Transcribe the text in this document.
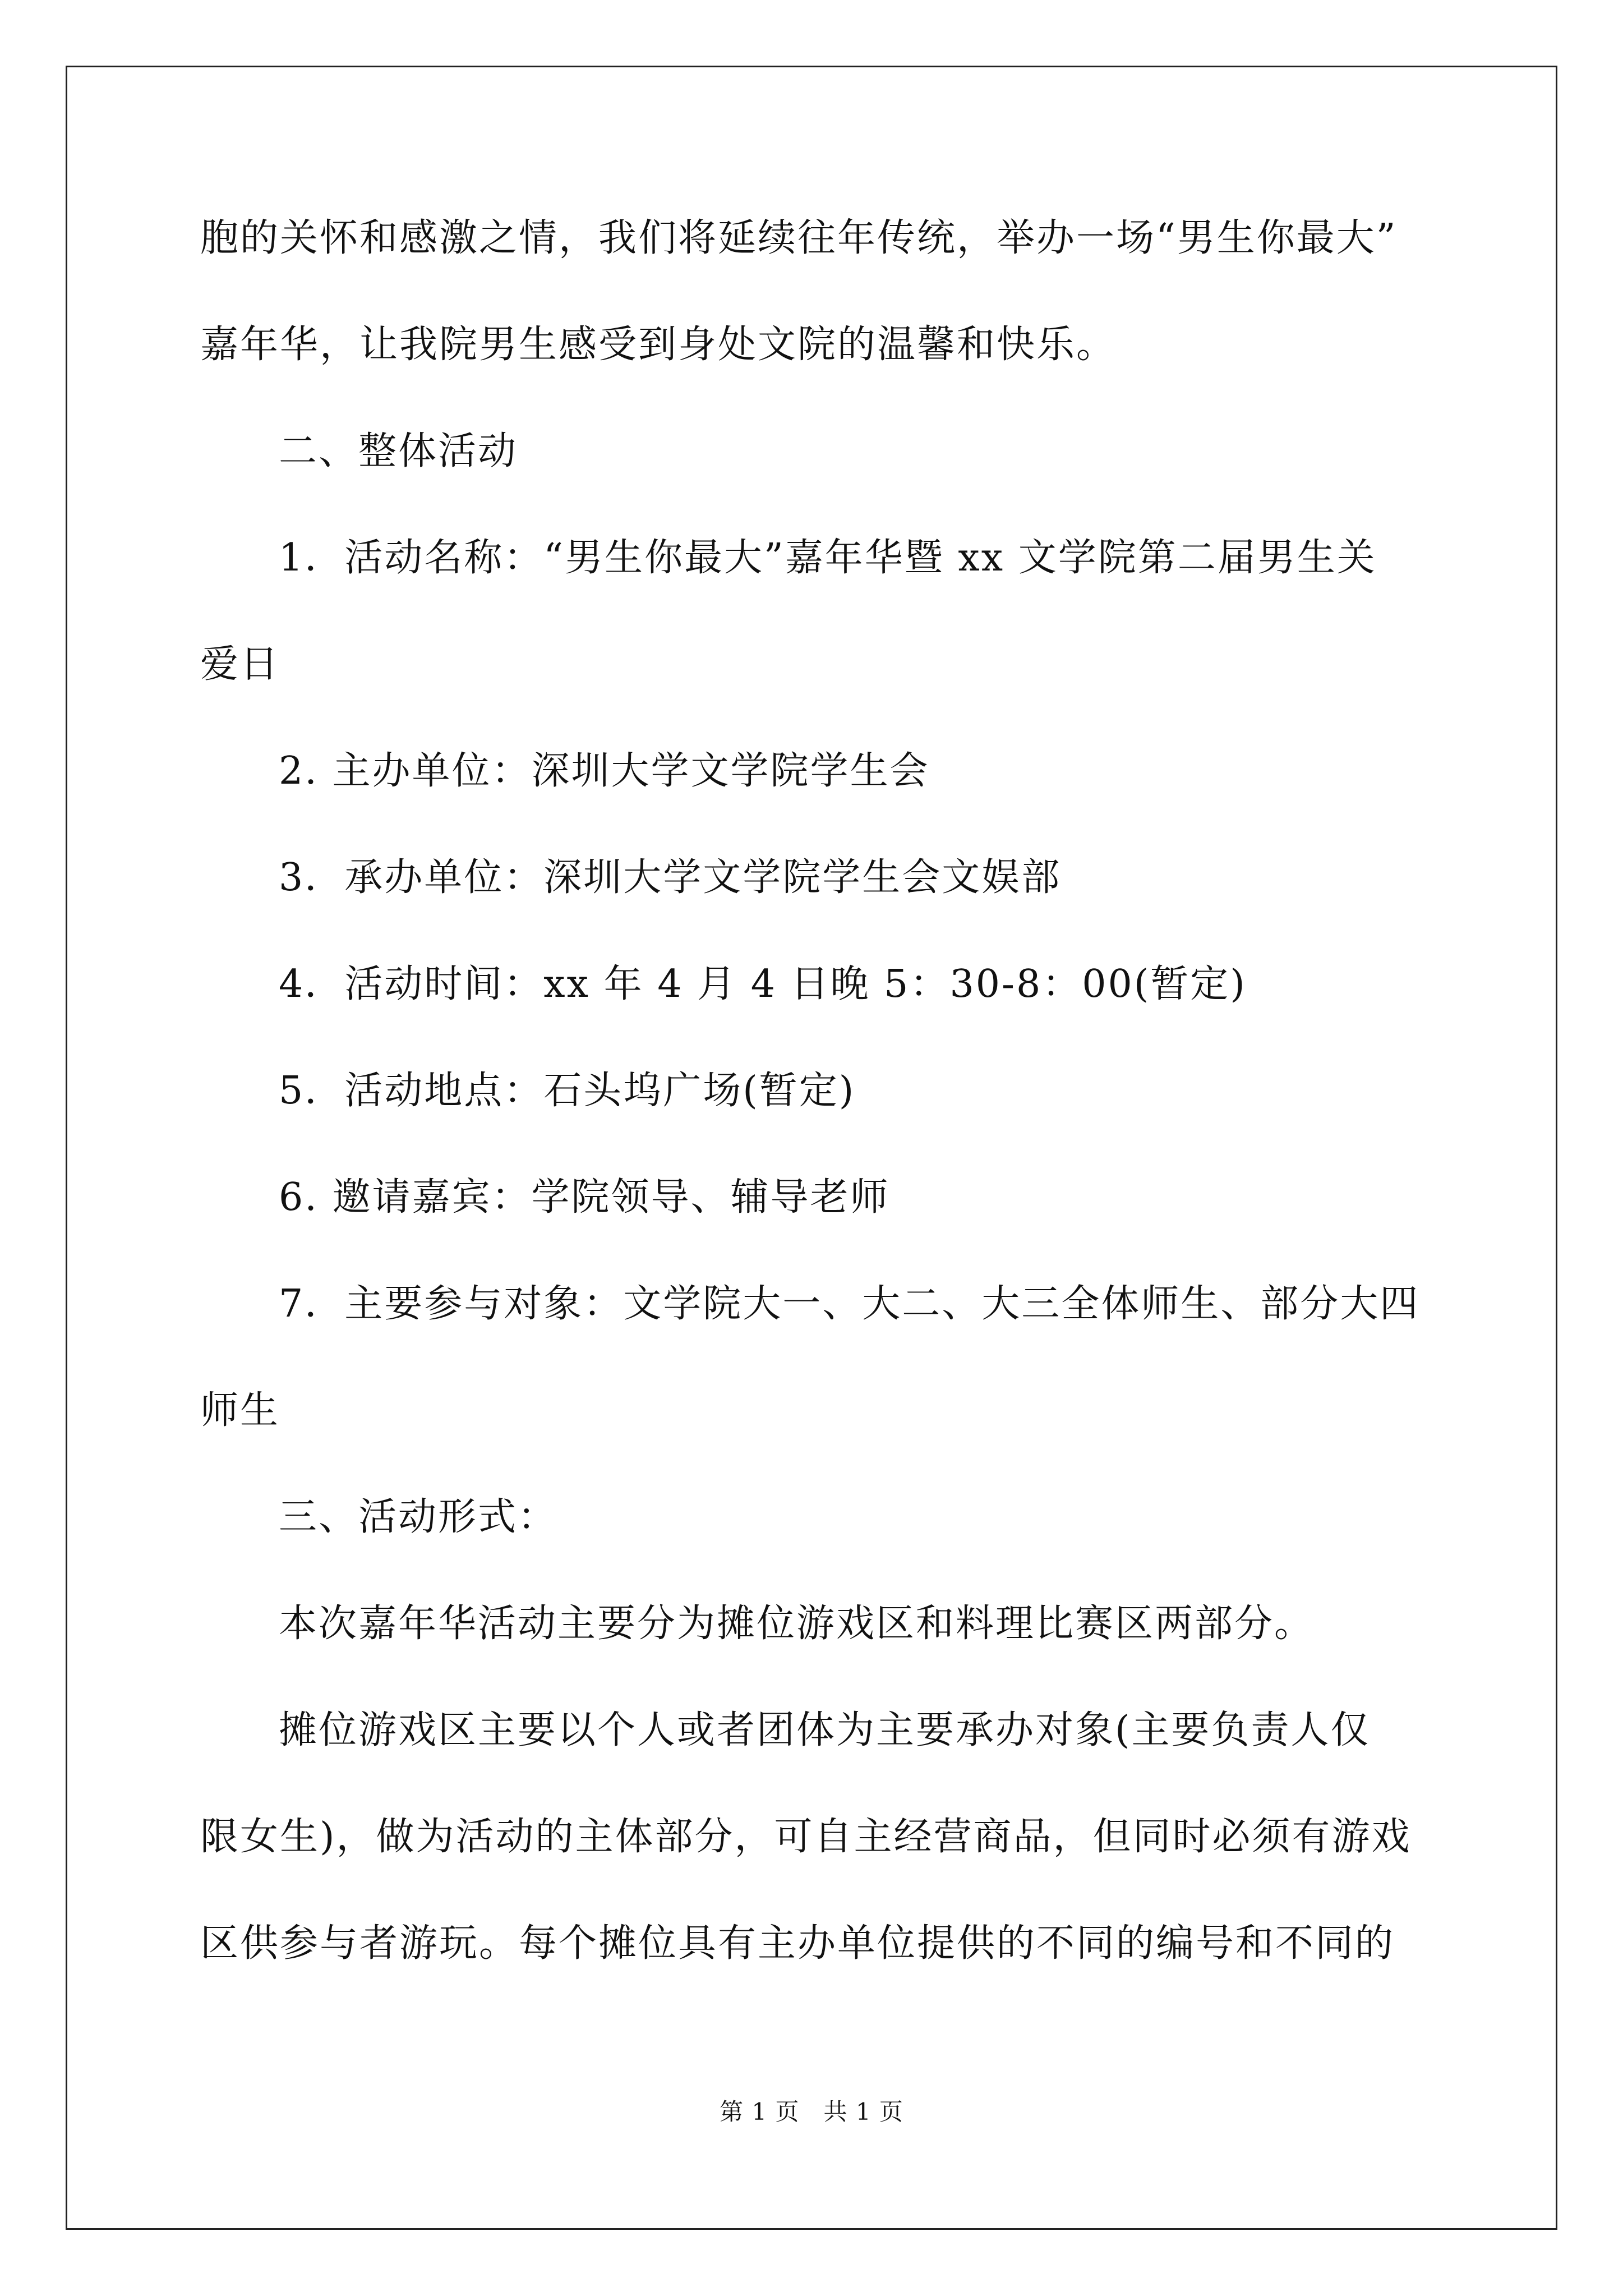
胞的关怀和感激之情，我们将延续往年传统，举办一场“男生你最大”
嘉年华，让我院男生感受到身处文院的温馨和快乐。
二、整体活动
1．活动名称：“男生你最大”嘉年华暨 xx 文学院第二届男生关
爱日
2. 主办单位：深圳大学文学院学生会
3．承办单位：深圳大学文学院学生会文娱部
4．活动时间：xx 年 4 月 4 日晚 5：30-8：00(暂定)
5．活动地点：石头坞广场(暂定)
6. 邀请嘉宾：学院领导、辅导老师
7．主要参与对象：文学院大一、大二、大三全体师生、部分大四
师生
三、活动形式：
本次嘉年华活动主要分为摊位游戏区和料理比赛区两部分。
摊位游戏区主要以个人或者团体为主要承办对象(主要负责人仅
限女生)，做为活动的主体部分，可自主经营商品，但同时必须有游戏
区供参与者游玩。每个摊位具有主办单位提供的不同的编号和不同的
第 1 页　共 1 页
